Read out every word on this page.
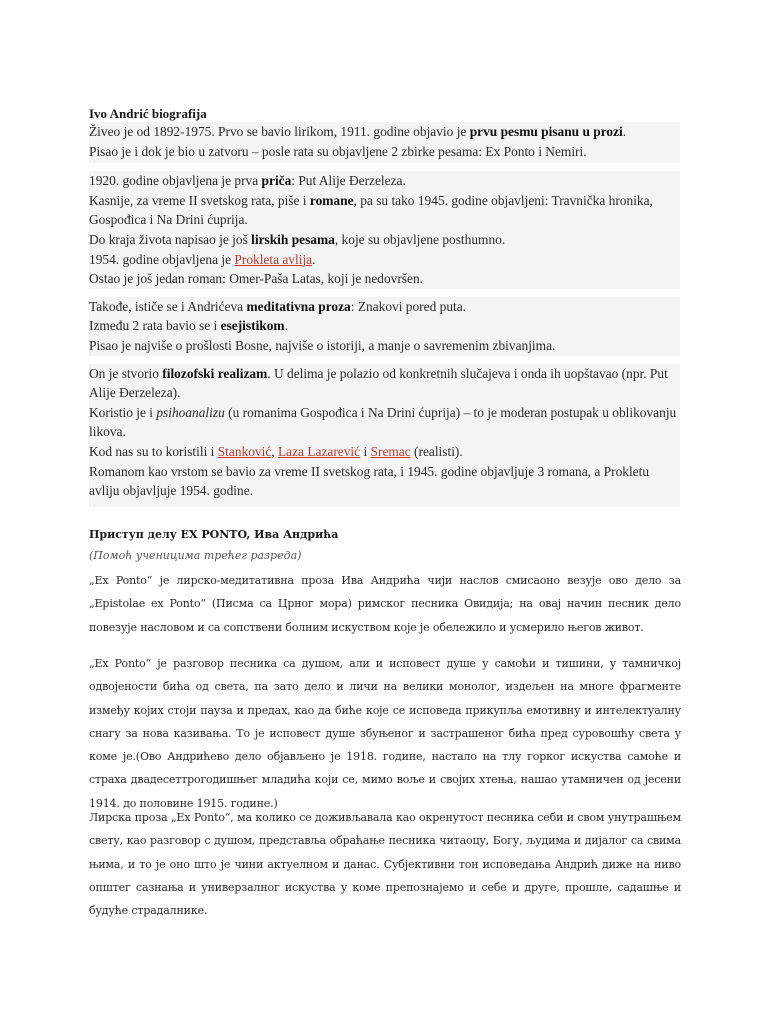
Ivo Andrić biografija
Živeo je od 1892-1975. Prvo se bavio lirikom, 1911. godine objavio je prvu pesmu pisanu u prozi.
Pisao je i dok je bio u zatvoru – posle rata su objavljene 2 zbirke pesama: Ex Ponto i Nemiri.
1920. godine objavljena je prva priča: Put Alije Đerzeleza.
Kasnije, za vreme II svetskog rata, piše i romane, pa su tako 1945. godine objavljeni: Travnička hronika, Gospođica i Na Drini ćuprija.
Do kraja života napisao je još lirskih pesama, koje su objavljene posthumno.
1954. godine objavljena je Prokleta avlija.
Ostao je još jedan roman: Omer-Paša Latas, koji je nedovršen.
Takođe, ističe se i Andrićeva meditativna proza: Znakovi pored puta.
Između 2 rata bavio se i esejistikom.
Pisao je najviše o prošlosti Bosne, najviše o istoriji, a manje o savremenim zbivanjima.
On je stvorio filozofski realizam. U delima je polazio od konkretnih slučajeva i onda ih uopštavao (npr. Put Alije Đerzeleza).
Koristio je i psihoanalizu (u romanima Gospođica i Na Drini ćuprija) – to je moderan postupak u oblikovanju likova.
Kod nas su to koristili i Stanković, Laza Lazarević i Sremac (realisti).
Romanom kao vrstom se bavio za vreme II svetskog rata, i 1945. godine objavljuje 3 romana, a Prokletu avliju objavljuje 1954. godine.
Приступ делу EX PONTO, Ива Андрића
(Помоћ ученицима трећег разреда)
„Ex Ponto“ је лирско-медитативна проза Ива Андрића чији наслов смисаоно везује ово дело за „Epistolae ex Ponto“ (Писма са Црног мора) римског песника Овидија; на овај начин песник дело повезује насловом и са сопствени болним искуством које је обележило и усмерило његов живот.
„Ex Ponto“ је разговор песника са душом, али и исповест душе у самоћи и тишини, у тамничкој одвојености бића од света, па зато дело и личи на велики монолог, издељен на многе фрагменте између којих стоји пауза и предах, као да биће које се исповеда прикупља емотивну и интелектуалну снагу за нова казивања. То је исповест душе збуњеног и застрашеног бића пред суровошћу света у коме је.(Ово Андрићево дело објављено је 1918. године, настало на тлу горког искуства самоће и страха двадесеттрогодишњег младића који се, мимо воље и својих хтења, нашао утамничен од јесени 1914. до половине 1915. године.)
Лирска проза „Ex Ponto“, ма колико се доживљавала као окренутост песника себи и свом унутрашњем свету, као разговор с душом, представља обраћање песника читаоцу, Богу, људима и дијалог са свима њима, и то је оно што је чини актуелном и данас. Субјективни тон исповедања Андрић диже на ниво општег сазнања и универзалног искуства у коме препознајемо и себе и друге, прошле, садашње и будуће страдалнике.
